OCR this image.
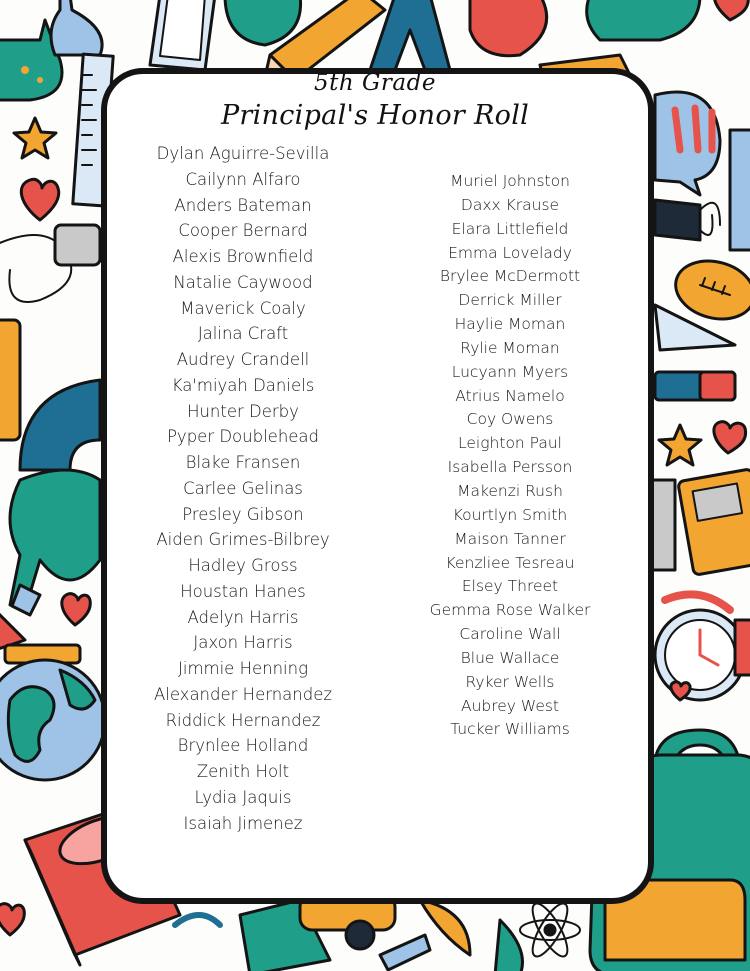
5th Grade
Principal's Honor Roll
Dylan Aguirre-Sevilla
Cailynn Alfaro
Anders Bateman
Cooper Bernard
Alexis Brownfield
Natalie Caywood
Maverick Coaly
Jalina Craft
Audrey Crandell
Ka'miyah Daniels
Hunter Derby
Pyper Doublehead
Blake Fransen
Carlee Gelinas
Presley Gibson
Aiden Grimes-Bilbrey
Hadley Gross
Houstan Hanes
Adelyn Harris
Jaxon Harris
Jimmie Henning
Alexander Hernandez
Riddick Hernandez
Brynlee Holland
Zenith Holt
Lydia Jaquis
Isaiah Jimenez
Muriel Johnston
Daxx Krause
Elara Littlefield
Emma Lovelady
Brylee McDermott
Derrick Miller
Haylie Moman
Rylie Moman
Lucyann Myers
Atrius Namelo
Coy Owens
Leighton Paul
Isabella Persson
Makenzi Rush
Kourtlyn Smith
Maison Tanner
Kenzliee Tesreau
Elsey Threet
Gemma Rose Walker
Caroline Wall
Blue Wallace
Ryker Wells
Aubrey West
Tucker Williams
